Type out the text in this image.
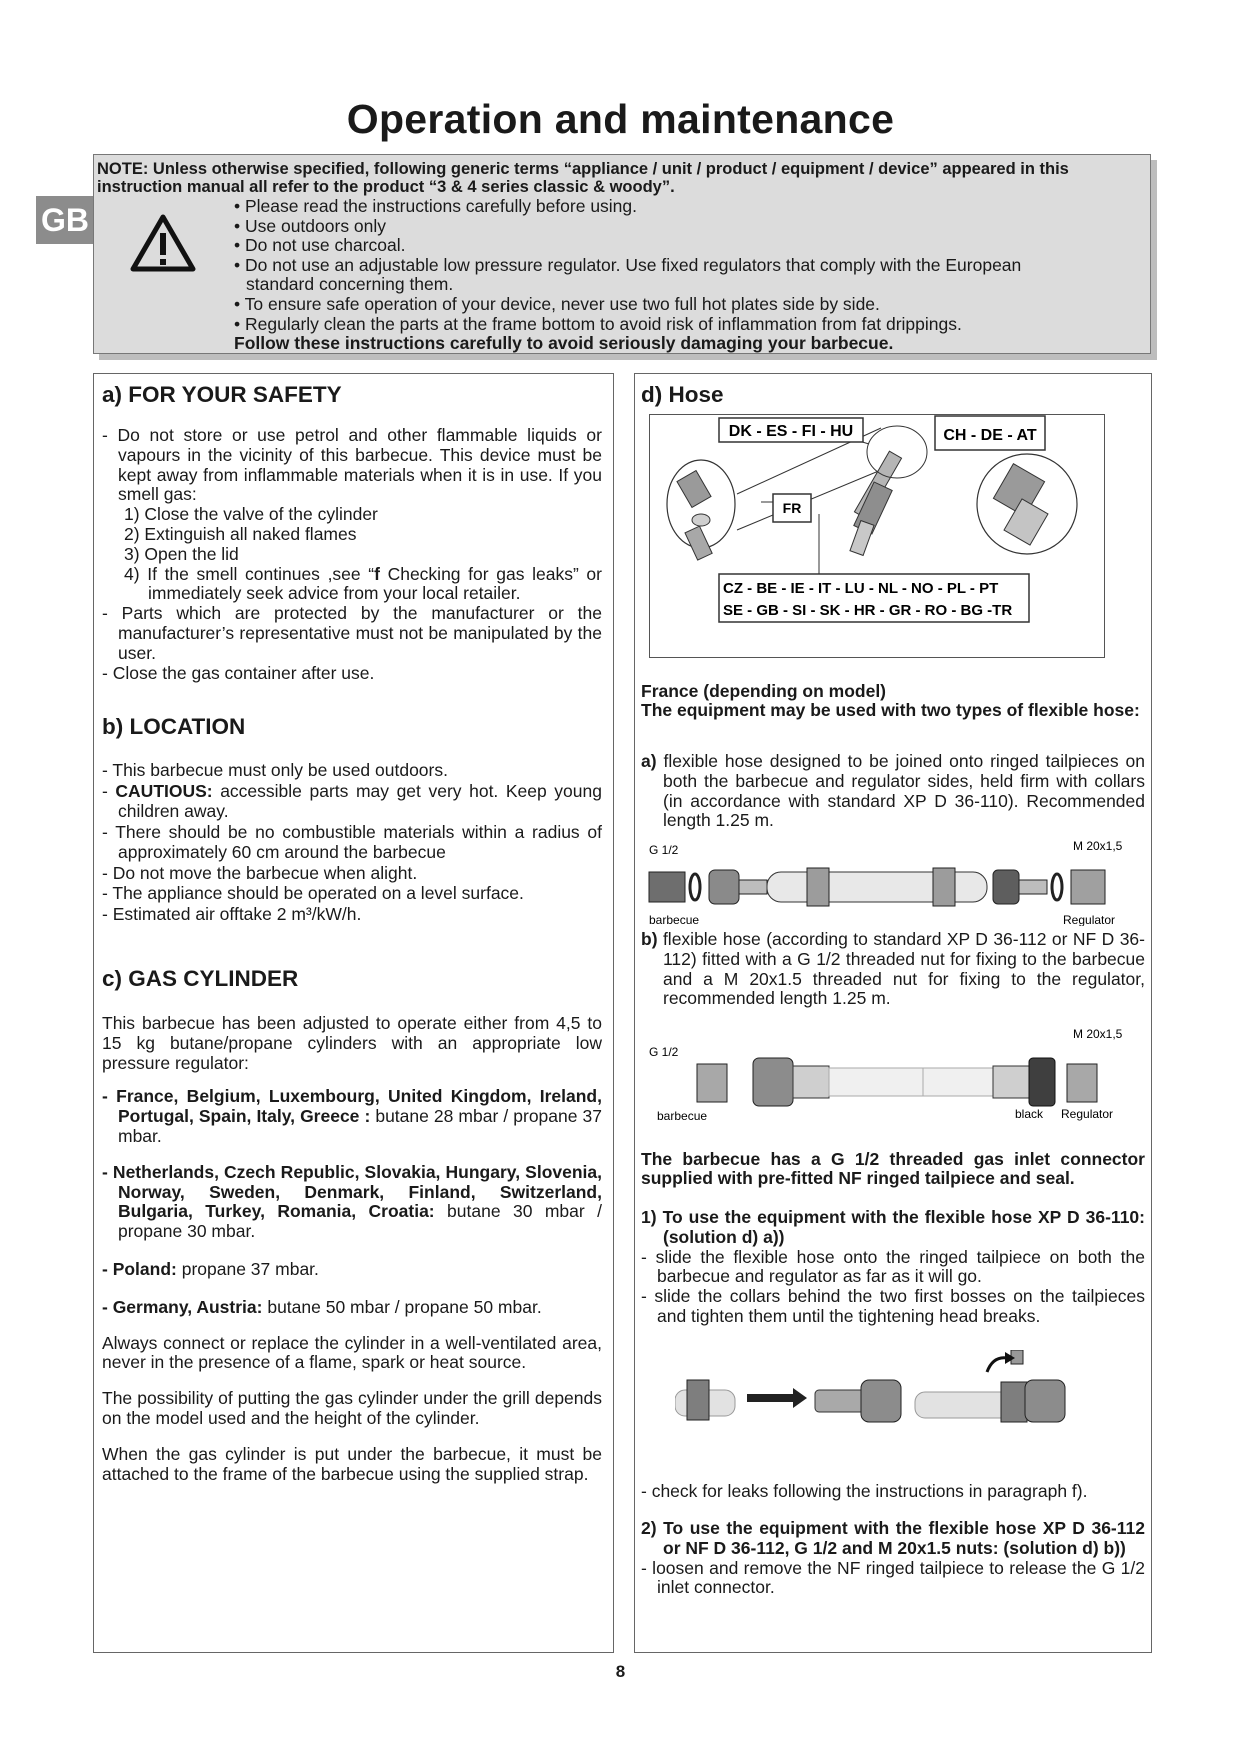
Operation and maintenance
GB
NOTE: Unless otherwise specified, following generic terms “appliance / unit / product / equipment / device” appeared in this
instruction manual all refer to the product “3 & 4 series classic & woody”.
• Please read the instructions carefully before using.
• Use outdoors only
• Do not use charcoal.
• Do not use an adjustable low pressure regulator. Use fixed regulators that comply with the European
standard concerning them.
• To ensure safe operation of your device, never use two full hot plates side by side.
• Regularly clean the parts at the frame bottom to avoid risk of inflammation from fat drippings.
Follow these instructions carefully to avoid seriously damaging your barbecue.
a) FOR YOUR SAFETY

- Do not store or use petrol and other flammable liquids or vapours in the vicinity of this barbecue. This device must be kept away from inflammable materials when it is in use. If you smell gas:

1) Close the valve of the cylinder

2) Extinguish all naked flames

3) Open the lid

4) If the smell continues ,see “f Checking for gas leaks” or immediately seek advice from your local retailer.

- Parts which are protected by the manufacturer or the manufacturer’s representative must not be manipulated by the user.

- Close the gas container after use.

b) LOCATION

- This barbecue must only be used outdoors.

- CAUTIOUS: accessible parts may get very hot. Keep young children away.

- There should be no combustible materials within a radius of approximately 60 cm around the barbecue

- Do not move the barbecue when alight.

- The appliance should be operated on a level surface.

- Estimated air offtake 2 m³/kW/h.

c) GAS CYLINDER

This barbecue has been adjusted to operate either from 4,5 to 15 kg butane/propane cylinders with an appropriate low pressure regulator:

- France, Belgium, Luxembourg, United Kingdom, Ireland, Portugal, Spain, Italy, Greece : butane 28 mbar / propane 37 mbar.

- Netherlands, Czech Republic, Slovakia, Hungary, Slovenia, Norway, Sweden, Denmark, Finland, Switzerland, Bulgaria, Turkey, Romania, Croatia: butane 30 mbar / propane 30 mbar.

- Poland: propane 37 mbar.

- Germany, Austria: butane 50 mbar / propane 50 mbar.

Always connect or replace the cylinder in a well-ventilated area, never in the presence of a flame, spark or heat source.

The possibility of putting the gas cylinder under the grill depends on the model used and the height of the cylinder.

When the gas cylinder is put under the barbecue, it must be attached to the frame of the barbecue using the supplied strap.

d) Hose
DK - ES - FI - HU	CH - DE - AT
FR
CZ - BE - IE - IT - LU - NL - NO - PL - PT
SE - GB - SI - SK - HR - GR - RO - BG -TR

France (depending on model)

The equipment may be used with two types of flexible hose:

a) flexible hose designed to be joined onto ringed tailpieces on both the barbecue and regulator sides, held firm with collars (in accordance with standard XP D 36-110). Recommended length 1.25 m.

G 1/2	M 20x1,5
barbecue	Regulator

b) flexible hose (according to standard XP D 36-112 or NF D 36-112) fitted with a G 1/2 threaded nut for fixing to the barbecue and a M 20x1.5 threaded nut for fixing to the regulator, recommended length 1.25 m.

M 20x1,5
G 1/2
barbecue	black Regulator
The barbecue has a G 1/2 threaded gas inlet connector supplied with pre-fitted NF ringed tailpiece and seal.

1) To use the equipment with the flexible hose XP D 36-110: (solution d) a))

- slide the flexible hose onto the ringed tailpiece on both the barbecue and regulator as far as it will go.

- slide the collars behind the two first bosses on the tailpieces and tighten them until the tightening head breaks.

- check for leaks following the instructions in paragraph f).

2) To use the equipment with the flexible hose XP D 36-112 or NF D 36-112, G 1/2 and M 20x1.5 nuts: (solution d) b))

- loosen and remove the NF ringed tailpiece to release the G 1/2 inlet connector.

8
